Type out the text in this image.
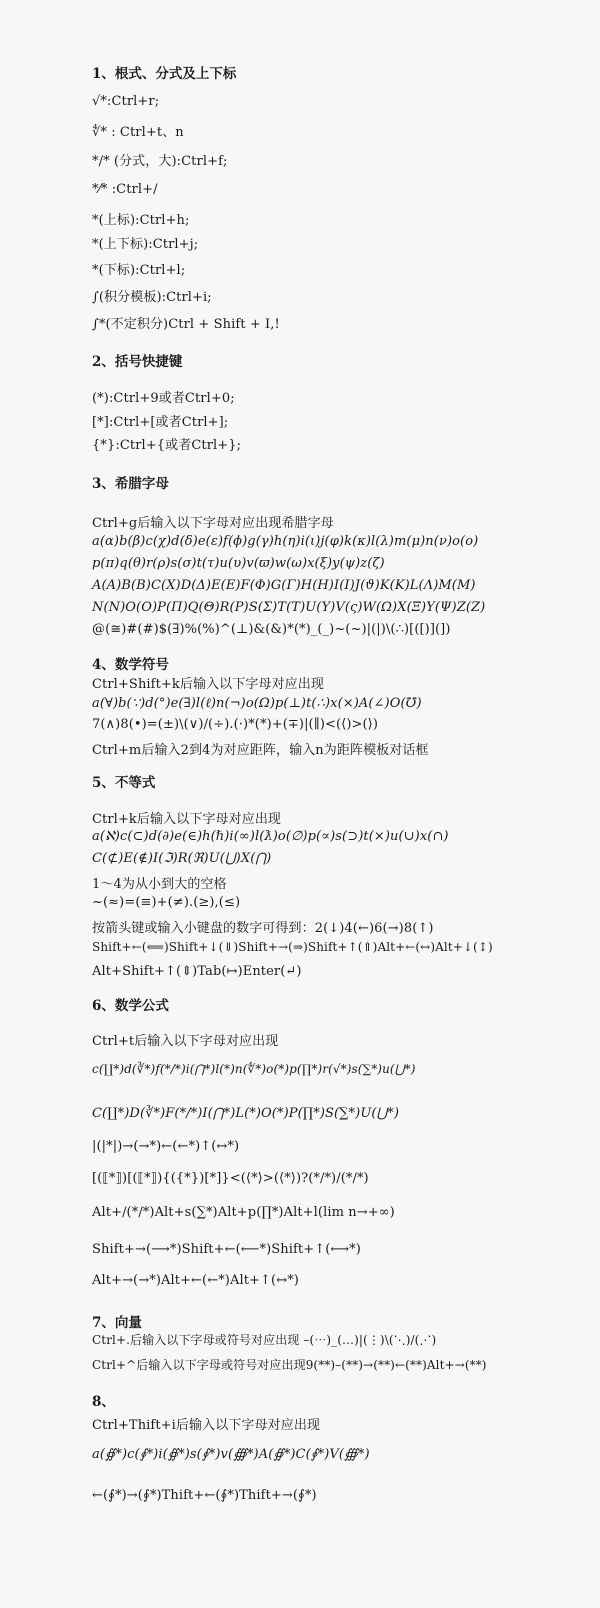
1、根式、分式及上下标
√*:Ctrl+r;
∜* : Ctrl+t、n
*/* (分式，大):Ctrl+f;
*⁄* :Ctrl+/
*(上标):Ctrl+h;
*(上下标):Ctrl+j;
*(下标):Ctrl+l;
∫(积分模板):Ctrl+i;
∫*(不定积分)Ctrl + Shift + I,!
2、括号快捷键
(*):Ctrl+9或者Ctrl+0;
[*]:Ctrl+[或者Ctrl+];
{*}:Ctrl+{或者Ctrl+};
3、希腊字母
Ctrl+g后输入以下字母对应出现希腊字母
a(α)b(β)c(χ)d(δ)e(ε)f(ϕ)g(γ)h(η)i(ι)j(φ)k(κ)l(λ)m(μ)n(ν)o(ο)
p(π)q(θ)r(ρ)s(σ)t(τ)u(υ)v(ϖ)w(ω)x(ξ)y(ψ)z(ζ)
A(A)B(B)C(X)D(Δ)E(E)F(Φ)G(Γ)H(H)I(I)J(ϑ)K(K)L(Λ)M(M)
N(N)O(O)P(Π)Q(Θ)R(P)S(Σ)T(T)U(Υ)V(ς)W(Ω)X(Ξ)Y(Ψ)Z(Z)
@(≅)#(#)$(∃)%(%)^(⊥)&(&)*(*)_(_)~(~)|(|)\(∴)[([)](])
4、数学符号
Ctrl+Shift+k后输入以下字母对应出现
a(∀)b(∵)d(°)e(∃)l(ℓ)n(¬)o(Ω)p(⊥)t(∴)x(×)A(∠)O(℧)
7(∧)8(•)=(±)\(∨)/(÷).(·)*(*)+(∓)|(∥)<(⟨)>(⟩)
Ctrl+m后输入2到4为对应距阵，输入n为距阵模板对话框
5、不等式
Ctrl+k后输入以下字母对应出现
a(ℵ)c(⊂)d(∂)e(∈)h(ℏ)i(∞)l(ƛ)o(∅)p(∝)s(⊃)t(×)u(∪)x(∩)
C(⊄)E(∉)I(ℑ)R(ℜ)U(⋃)X(⋂)
1～4为从小到大的空格
~(≈)=(≡)+(≠).(≥),(≤)
按箭头键或输入小键盘的数字可得到：2(↓)4(←)6(→)8(↑)
Shift+←(⟸)Shift+↓(⇓)Shift+→(⇒)Shift+↑(⇑)Alt+←(↔)Alt+↓(↕)
Alt+Shift+↑(⇕)Tab(↦)Enter(↵)
6、数学公式
Ctrl+t后输入以下字母对应出现
c(∐*)d(∛*)f(*/*)i(⋂*)l(*)n(∜*)o(*)p(∏*)r(√*)s(∑*)u(⋃*)
C(∐*)D(∛*)F(*/*)I(⋂*)L(*)O(*)P(∏*)S(∑*)U(⋃*)
|(|*|)→(→*)←(←*)↑(↔*)
[(⟦*⟧)[(⟦*⟧){({*})[*]}<(⟨*⟩>(⟨*⟩)?(*/*)/(*/*)
Alt+/(*/*)Alt+s(∑*)Alt+p(∏*)Alt+l(lim n→+∞)
Shift+→(⟶*)Shift+←(⟵*)Shift+↑(⟷*)
Alt+→(→*)Alt+←(←*)Alt+↑(↔*)
7、向量
Ctrl+.后输入以下字母或符号对应出现 –(⋯)_(…)|(⋮)\(⋱)/(⋰)
Ctrl+^后输入以下字母或符号对应出现9(**)–(**)→(**)←(**)Alt+→(**)
8、
Ctrl+Thift+i后输入以下字母对应出现
a(∯*)c(∮*)i(∯*)s(∮*)v(∰*)A(∯*)C(∮*)V(∰*)
←(∮*)→(∮*)Thift+←(∮*)Thift+→(∮*)
